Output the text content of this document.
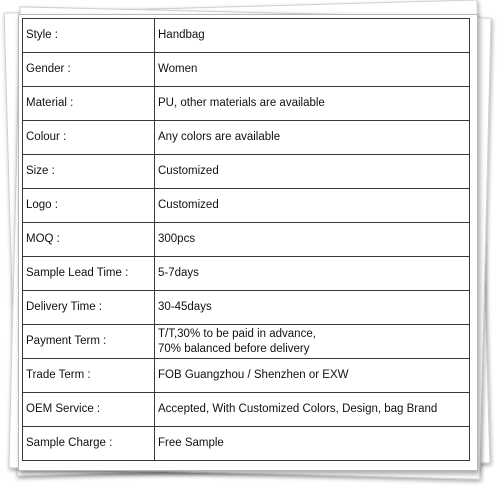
Style :	Handbag
Gender :	Women
Material :	PU, other materials are available
Colour :	Any colors are available
Size :	Customized
Logo :	Customized
MOQ :	300pcs
Sample Lead Time :	5-7days
Delivery Time :	30-45days
Payment Term :	T/T,30% to be paid in advance,
70% balanced before delivery

Trade Term :	FOB Guangzhou / Shenzhen or EXW
OEM Service :	Accepted, With Customized Colors, Design, bag Brand
Sample Charge :	Free Sample
